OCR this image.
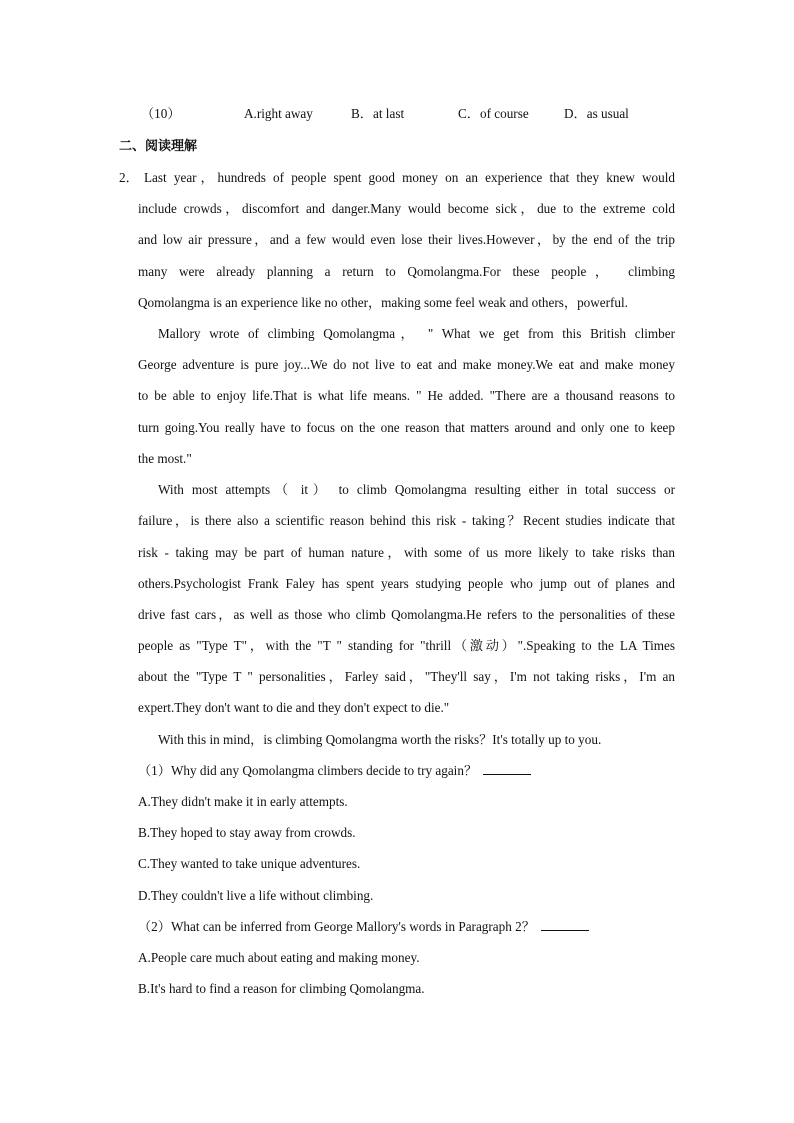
（10）	A.right away	B．at last	C．of course	D．as usual
二、阅读理解
2． Last year，hundreds of people spent good money on an experience that they knew would
include crowds，discomfort and danger.Many would become sick，due to the extreme cold
and low air pressure，and a few would even lose their lives.However，by the end of the trip
many were already planning a return to Qomolangma.For these people， climbing
Qomolangma is an experience like no other，making some feel weak and others，powerful.
Mallory wrote of climbing Qomolangma， " What we get from this British climber
George adventure is pure joy...We do not live to eat and make money.We eat and make money
to be able to enjoy life.That is what life means. " He added. "There are a thousand reasons to
turn going.You really have to focus on the one reason that matters around and only one to keep
the most."
With most attempts（ it） to climb Qomolangma resulting either in total success or
failure，is there also a scientific reason behind this risk - taking？Recent studies indicate that
risk - taking may be part of human nature，with some of us more likely to take risks than
others.Psychologist Frank Faley has spent years studying people who jump out of planes and
drive fast cars，as well as those who climb Qomolangma.He refers to the personalities of these
people as "Type T"，with the "T " standing for "thrill（激动）".Speaking to the LA Times
about the "Type T " personalities，Farley said，"They'll say，I'm not taking risks，I'm an
expert.They don't want to die and they don't expect to die."
With this in mind，is climbing Qomolangma worth the risks？It's totally up to you.
（1）Why did any Qomolangma climbers decide to try again？
A.They didn't make it in early attempts.
B.They hoped to stay away from crowds.
C.They wanted to take unique adventures.
D.They couldn't live a life without climbing.
（2）What can be inferred from George Mallory's words in Paragraph 2？
A.People care much about eating and making money.
B.It's hard to find a reason for climbing Qomolangma.
